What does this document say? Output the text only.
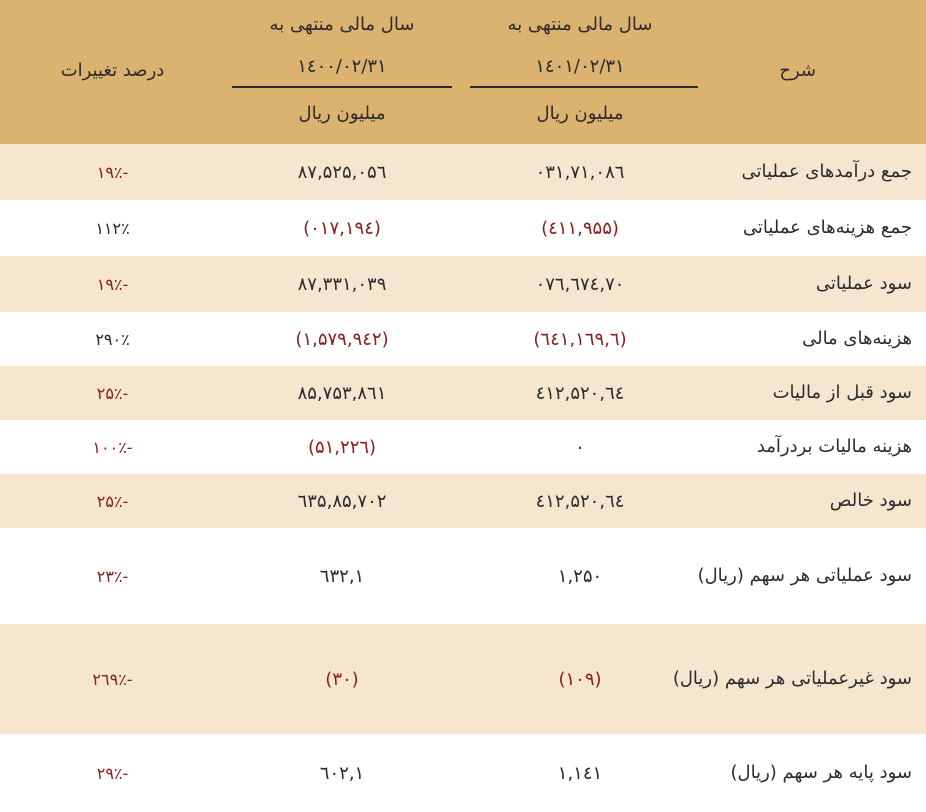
شرح
سال مالی منتهی به
۱٤۰۱/۰۲/۳۱
میلیون ریال
سال مالی منتهی به
۱٤۰۰/۰۲/۳۱
میلیون ریال
درصد تغییرات
جمع درآمدهای عملیاتی
۷۱,۰۸٦,۰۳۱
۸۷,۵۲۵,۰۵٦
-۱۹٪
جمع هزینه‌های عملیاتی
(٤۱۱,۹۵۵)
(۱۹٤,۰۱۷)
۱۱۲٪
سود عملیاتی
۷۰,٦۷٤,۰۷٦
۸۷,۳۳۱,۰۳۹
-۱۹٪
هزینه‌های مالی
(٦,۱٦۹,٦٤۱)
(۱,۵۷۹,۹٤۲)
۲۹۰٪
سود قبل از مالیات
٦٤,۵۲۰,٤۱۲
۸۵,۷۵۳,۸٦۱
-۲۵٪
هزینه مالیات بردرآمد
۰
(۵۱,۲۲٦)
-۱۰۰٪
سود خالص
٦٤,۵۲۰,٤۱۲
۸۵,۷۰۲,٦۳۵
-۲۵٪
سود عملیاتی هر سهم (ریال)
۱,۲۵۰
۱,٦۳۲
-۲۳٪
سود غیرعملیاتی هر سهم (ریال)
(۱۰۹)
(۳۰)
-۲٦۹٪
سود پایه هر سهم (ریال)
۱,۱٤۱
۱,٦۰۲
-۲۹٪
